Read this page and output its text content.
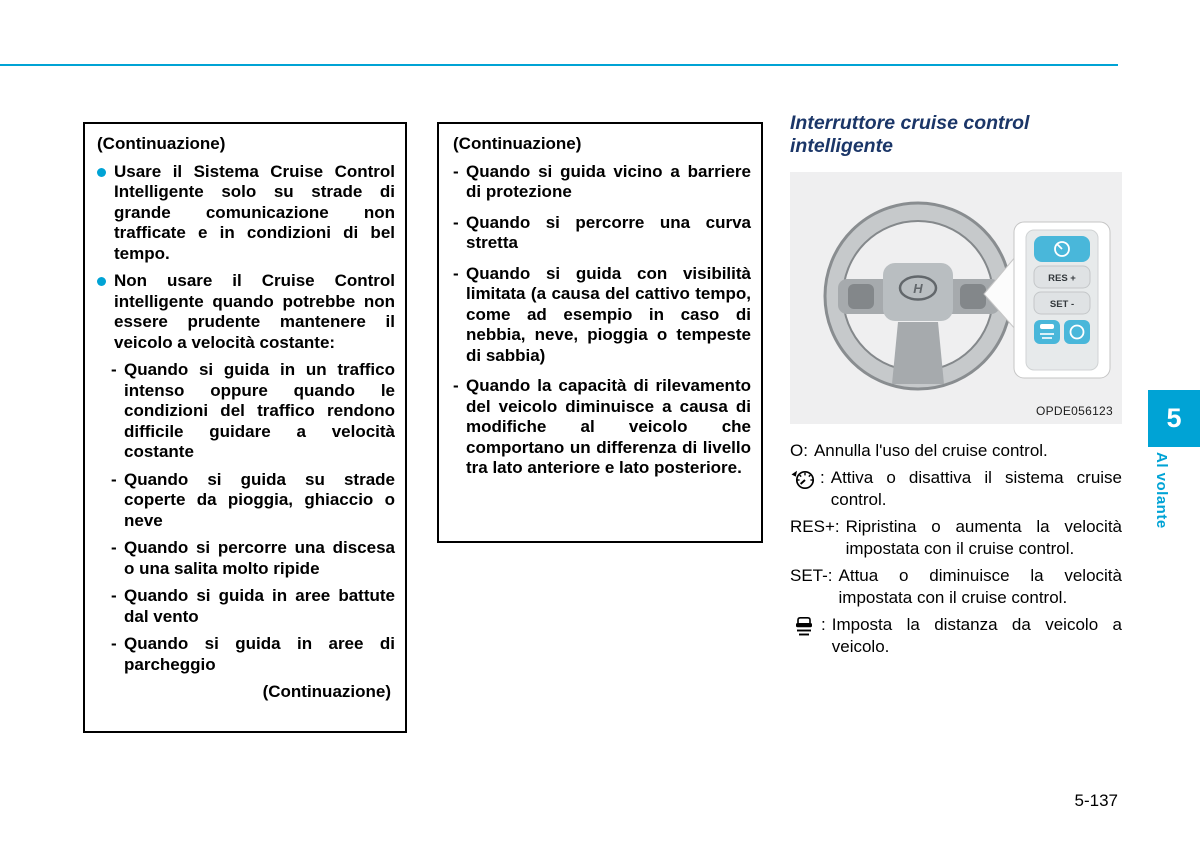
(Continuazione)
Usare il Sistema Cruise Control Intelligente solo su strade di grande comunicazione non trafficate e in condizioni di bel tempo.
Non usare il Cruise Control intelligente quando potrebbe non essere prudente mantenere il veicolo a velocità costante:
- Quando si guida in un traffico intenso oppure quando le condizioni del traffico rendono difficile guidare a velocità costante
- Quando si guida su strade coperte da pioggia, ghiaccio o neve
- Quando si percorre una discesa o una salita molto ripide
- Quando si guida in aree battute dal vento
- Quando si guida in aree di parcheggio
(Continuazione)
(Continuazione)
- Quando si guida vicino a barriere di protezione
- Quando si percorre una curva stretta
- Quando si guida con visibilità limitata (a causa del cattivo tempo, come ad esempio in caso di nebbia, neve, pioggia o tempeste di sabbia)
- Quando la capacità di rilevamento del veicolo diminuisce a causa di modifiche al veicolo che comportano un differenza di livello tra lato anteriore e lato posteriore.
Interruttore cruise control intelligente
H
RES +
SET -
OPDE056123
O: Annulla l'uso del cruise control.
: Attiva o disattiva il sistema cruise control.
RES+: Ripristina o aumenta la velocità impostata con il cruise control.
SET-: Attua o diminuisce la velocità impostata con il cruise control.
: Imposta la distanza da veicolo a veicolo.
5
Al volante
5-137
